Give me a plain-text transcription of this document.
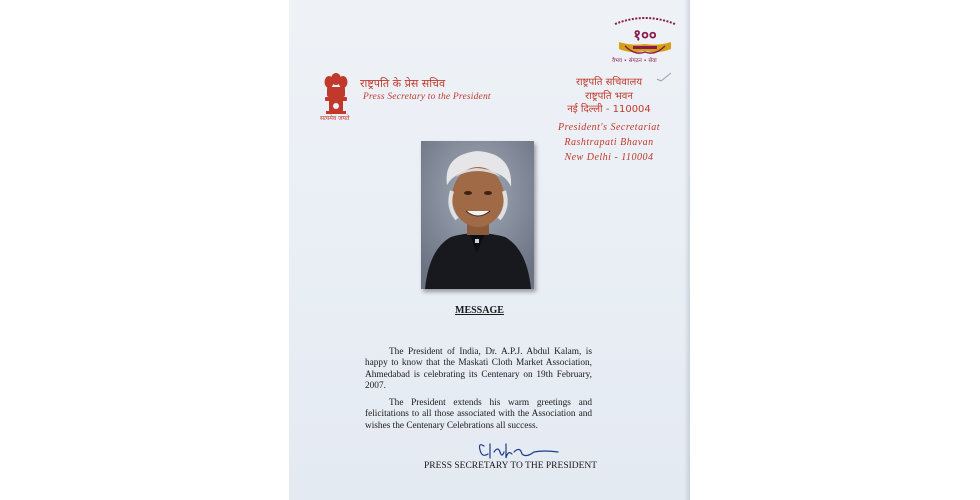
सत्यमेव जयते
राष्ट्रपति के प्रेस सचिव
Press Secretary to the President
राष्ट्रपति सचिवालय
राष्ट्रपति भवन
नई दिल्ली - 110004
President's Secretariat
Rashtrapati Bhavan
New Delhi - 110004
१००
वैभव • संगठन • सेवा
MESSAGE
The President of India, Dr. A.P.J. Abdul Kalam, is happy to know that the Maskati Cloth Market Association, Ahmedabad is celebrating its Centenary on 19th February, 2007.
The President extends his warm greetings and felicitations to all those associated with the Association and wishes the Centenary Celebrations all success.
PRESS SECRETARY TO THE PRESIDENT
